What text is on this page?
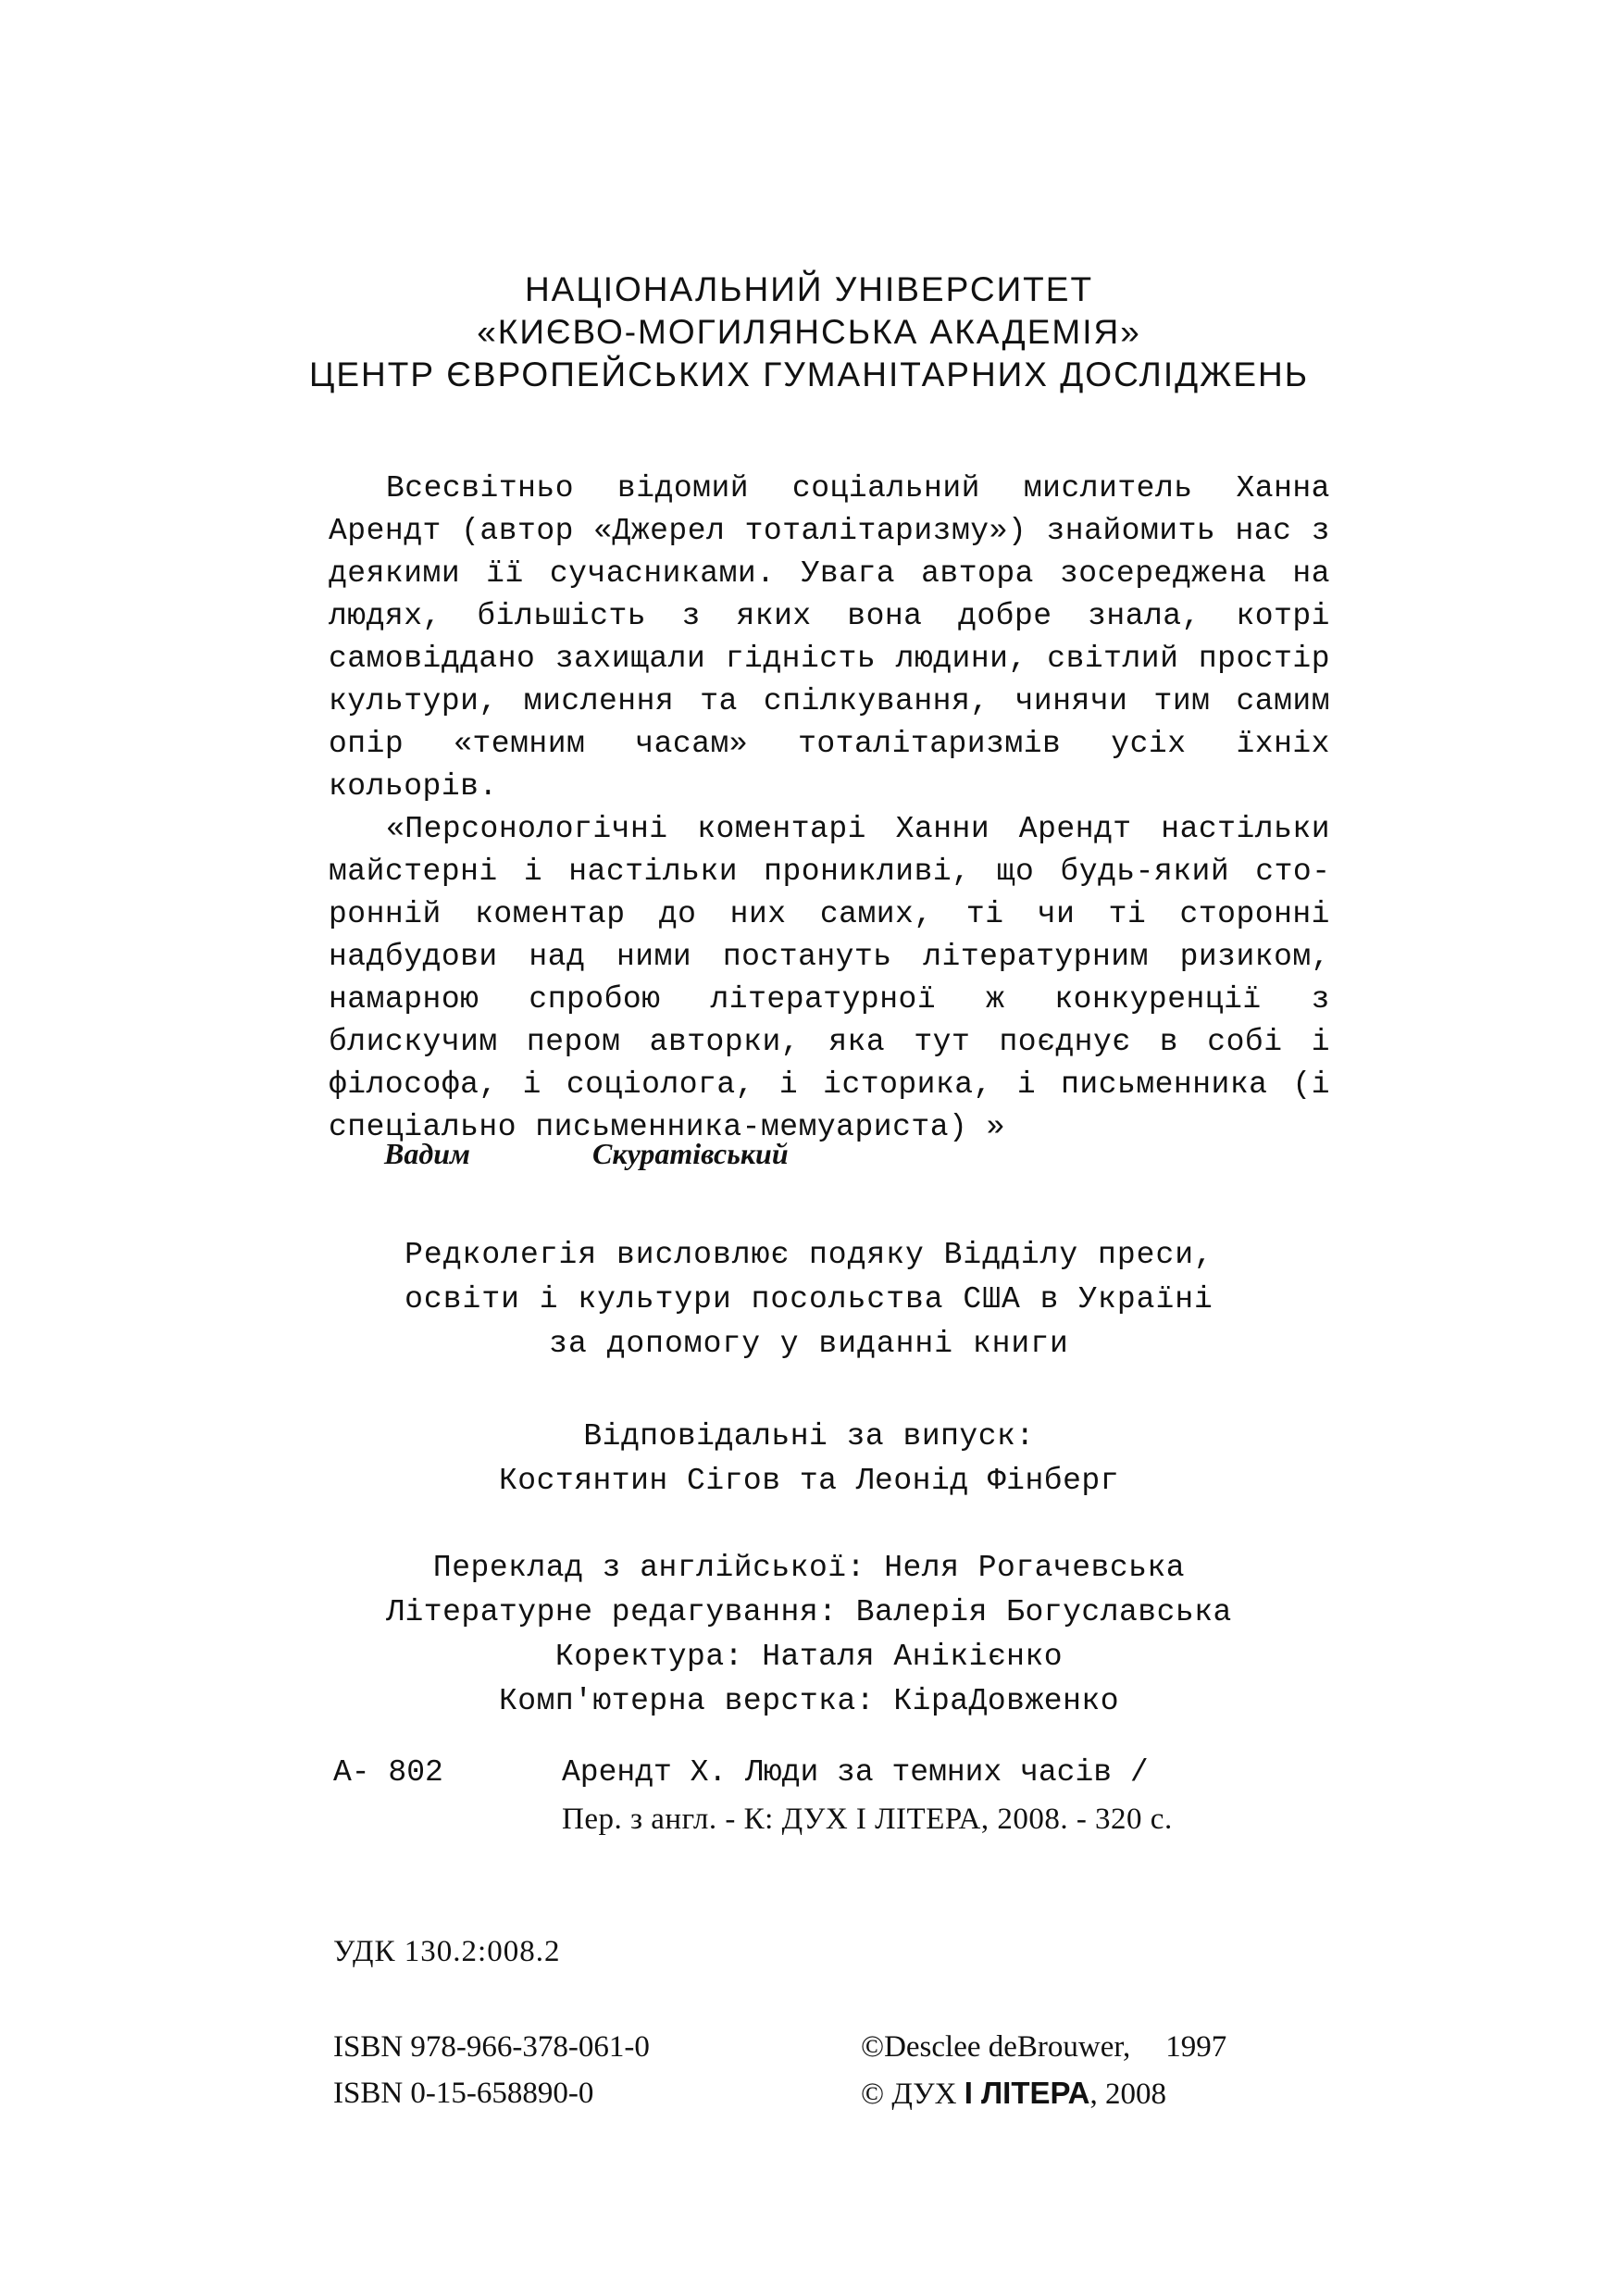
НАЦІОНАЛЬНИЙ УНІВЕРСИТЕТ
«КИЄВО-МОГИЛЯНСЬКА АКАДЕМІЯ»
ЦЕНТР ЄВРОПЕЙСЬКИХ ГУМАНІТАРНИХ ДОСЛІДЖЕНЬ

Всесвітньо відомий соціальний мислитель Ханна Арендт (автор «Джерел тоталітаризму») знайомить нас з деякими її сучасниками. Увага автора зосереджена на людях, більшість з яких вона добре знала, котрі самовіддано захищали гідність людини, світлий простір культури, мислення та спілкування, чинячи тим самим опір «темним часам» тоталітаризмів усіх їхніх кольорів.

«Персонологічні коментарі Ханни Арендт настільки майстерні і настільки проникливі, що будь-який сторонній коментар до них самих, ті чи ті сторонні надбудови над ними постануть літературним ризиком, намарною спробою літературної ж конкуренції з блискучим пером авторки, яка тут поєднує в собі і філософа, і соціолога, і історика, і письменника (і спеціально письменника-мемуариста) »

Вадим	Скуратівський
Редколегія висловлює подяку Відділу преси,
освіти і культури посольства США в Україні
за допомогу у виданні книги
Відповідальні за випуск:
Костянтин Сігов та Леонід Фінберг
Переклад з англійської: Неля Рогачевська
Літературне редагування: Валерія Богуславська
Коректура: Наталя Анікієнко
Комп'ютерна верстка: КіраДовженко
А- 802	Арендт Х. Люди за темних часів /
Пер. з англ. - К: ДУХ І ЛІТЕРА, 2008. - 320 с.
УДК 130.2:008.2
ISBN 978-966-378-061-0
ISBN 0-15-658890-0
©Desclee deBrouwer, 1997
© ДУХ І ЛІТЕРА, 2008
